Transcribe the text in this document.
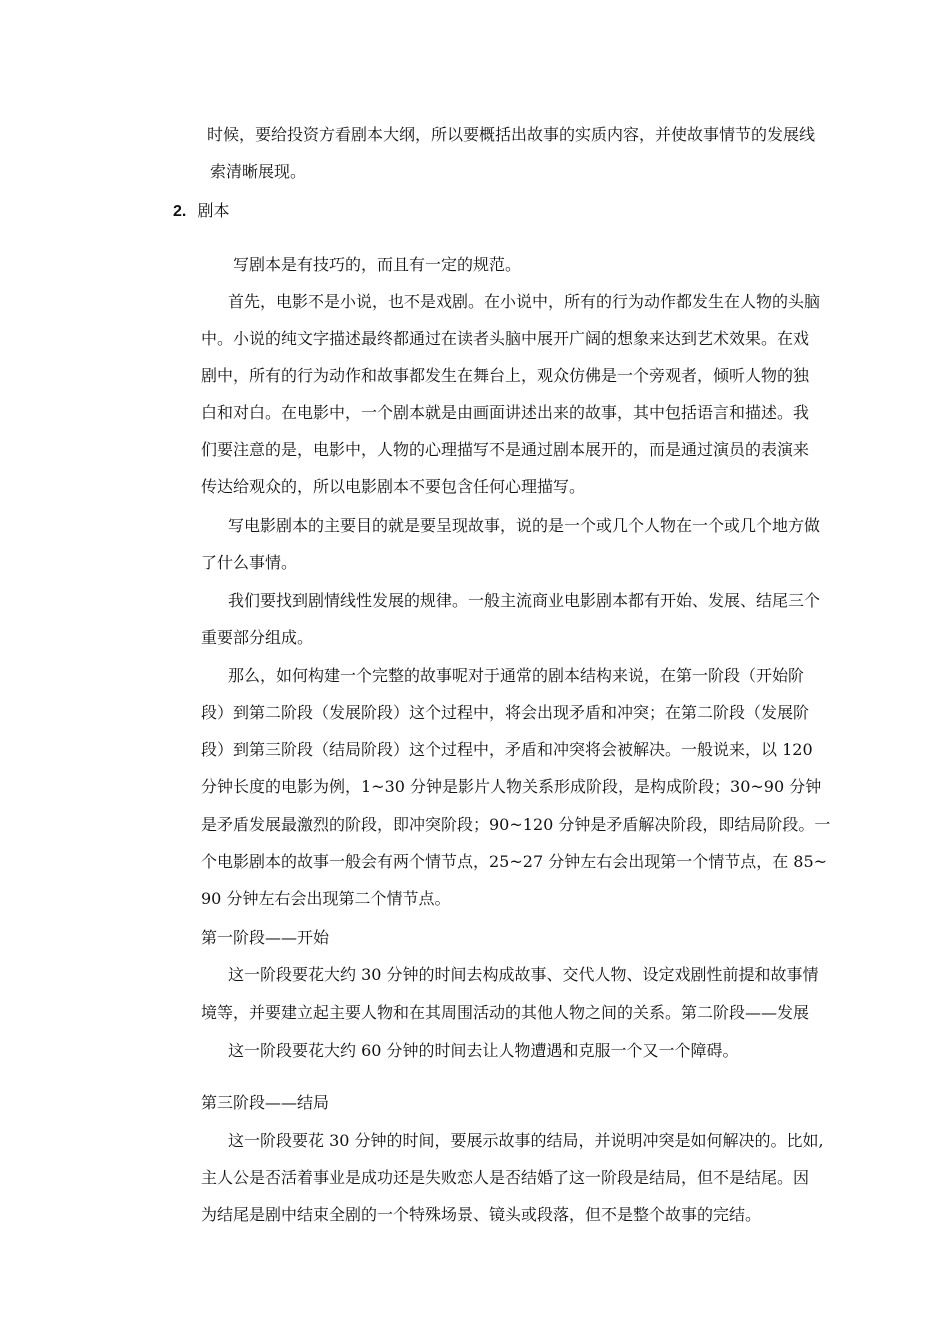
时候，要给投资方看剧本大纲，所以要概括出故事的实质内容，并使故事情节的发展线
索清晰展现。
2. 剧本
写剧本是有技巧的，而且有一定的规范。
首先，电影不是小说，也不是戏剧。在小说中，所有的行为动作都发生在人物的头脑
中。小说的纯文字描述最终都通过在读者头脑中展开广阔的想象来达到艺术效果。在戏
剧中，所有的行为动作和故事都发生在舞台上，观众仿佛是一个旁观者，倾听人物的独
白和对白。在电影中，一个剧本就是由画面讲述出来的故事，其中包括语言和描述。我
们要注意的是，电影中，人物的心理描写不是通过剧本展开的，而是通过演员的表演来
传达给观众的，所以电影剧本不要包含任何心理描写。
写电影剧本的主要目的就是要呈现故事，说的是一个或几个人物在一个或几个地方做
了什么事情。
我们要找到剧情线性发展的规律。一般主流商业电影剧本都有开始、发展、结尾三个
重要部分组成。
那么，如何构建一个完整的故事呢对于通常的剧本结构来说，在第一阶段（开始阶
段）到第二阶段（发展阶段）这个过程中，将会出现矛盾和冲突；在第二阶段（发展阶
段）到第三阶段（结局阶段）这个过程中，矛盾和冲突将会被解决。一般说来，以 120
分钟长度的电影为例，1~30 分钟是影片人物关系形成阶段，是构成阶段；30~90 分钟
是矛盾发展最激烈的阶段，即冲突阶段；90~120 分钟是矛盾解决阶段，即结局阶段。一
个电影剧本的故事一般会有两个情节点，25~27 分钟左右会出现第一个情节点，在 85~
90 分钟左右会出现第二个情节点。
第一阶段——开始
这一阶段要花大约 30 分钟的时间去构成故事、交代人物、设定戏剧性前提和故事情
境等，并要建立起主要人物和在其周围活动的其他人物之间的关系。第二阶段——发展
这一阶段要花大约 60 分钟的时间去让人物遭遇和克服一个又一个障碍。
第三阶段——结局
这一阶段要花 30 分钟的时间，要展示故事的结局，并说明冲突是如何解决的。比如,
主人公是否活着事业是成功还是失败恋人是否结婚了这一阶段是结局，但不是结尾。因
为结尾是剧中结束全剧的一个特殊场景、镜头或段落，但不是整个故事的完结。
